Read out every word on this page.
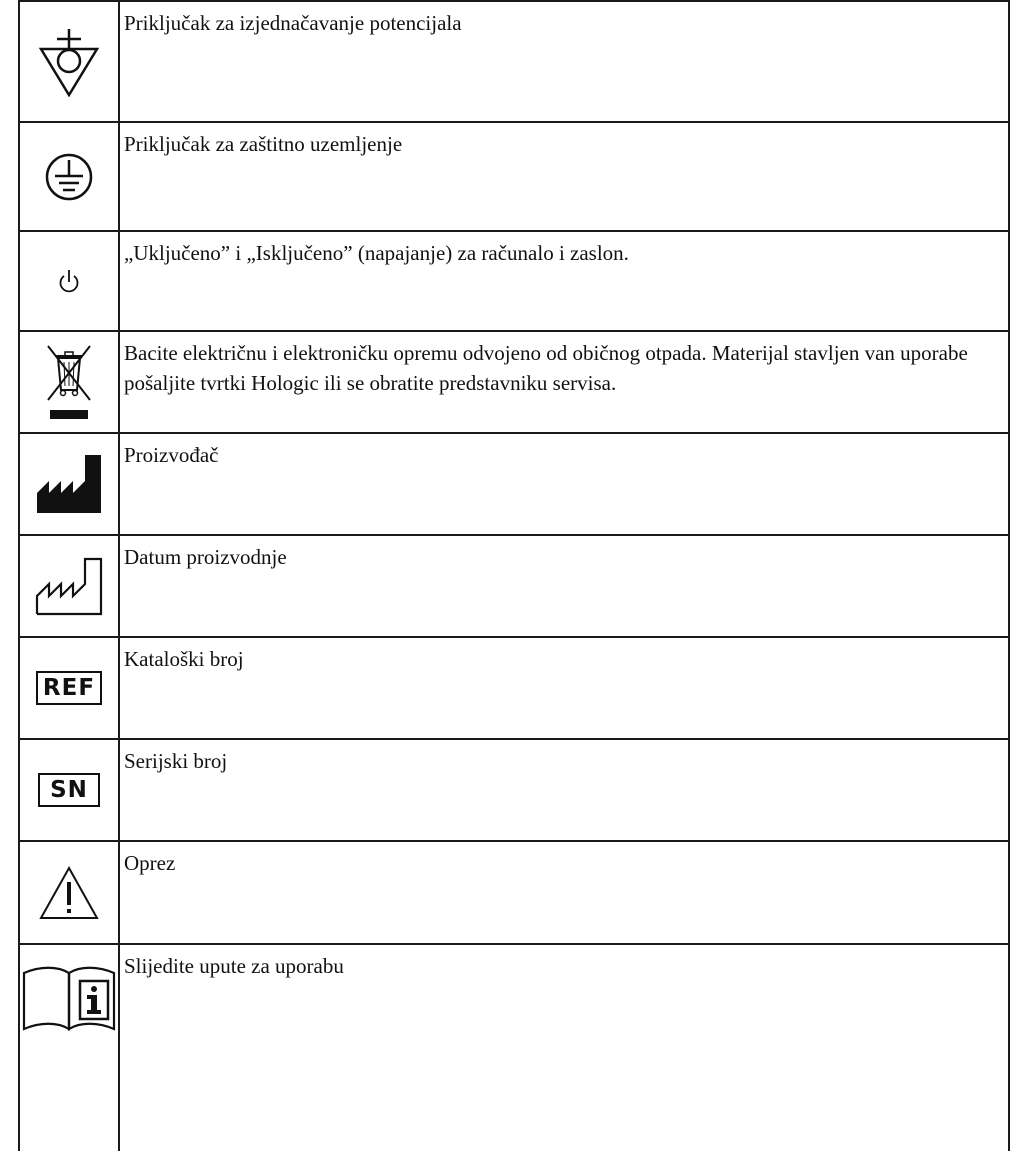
	Priključak za izjednačavanje potencijala

	Priključak za zaštitno uzemljenje

	„Uključeno” i „Isključeno” (napajanje) za računalo i zaslon.

	Bacite električnu i elektroničku opremu odvojeno od običnog otpada. Materijal stavljen van uporabe pošaljite tvrtki Hologic ili se obratite predstavniku servisa.

	Proizvođač

	Datum proizvodnje

REF	Kataloški broj

SN	Serijski broj

	Oprez

	Slijedite upute za uporabu
